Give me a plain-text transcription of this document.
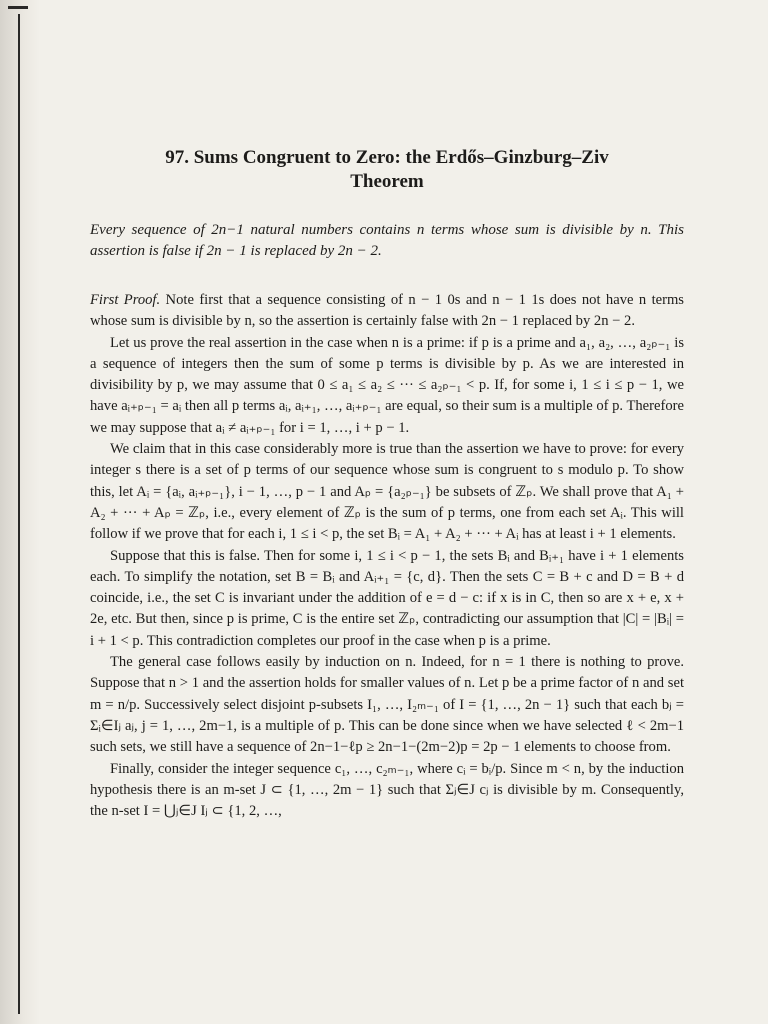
97. Sums Congruent to Zero: the Erdős–Ginzburg–Ziv
Theorem
Every sequence of 2n−1 natural numbers contains n terms whose sum is divisible by n. This assertion is false if 2n − 1 is replaced by 2n − 2.

First Proof. Note first that a sequence consisting of n − 1 0s and n − 1 1s does not have n terms whose sum is divisible by n, so the assertion is certainly false with 2n − 1 replaced by 2n − 2.

Let us prove the real assertion in the case when n is a prime: if p is a prime and a₁, a₂, …, a₂ₚ₋₁ is a sequence of integers then the sum of some p terms is divisible by p. As we are interested in divisibility by p, we may assume that 0 ≤ a₁ ≤ a₂ ≤ ··· ≤ a₂ₚ₋₁ < p. If, for some i, 1 ≤ i ≤ p − 1, we have aᵢ₊ₚ₋₁ = aᵢ then all p terms aᵢ, aᵢ₊₁, …, aᵢ₊ₚ₋₁ are equal, so their sum is a multiple of p. Therefore we may suppose that aᵢ ≠ aᵢ₊ₚ₋₁ for i = 1, …, i + p − 1.

We claim that in this case considerably more is true than the assertion we have to prove: for every integer s there is a set of p terms of our sequence whose sum is congruent to s modulo p. To show this, let Aᵢ = {aᵢ, aᵢ₊ₚ₋₁}, i − 1, …, p − 1 and Aₚ = {a₂ₚ₋₁} be subsets of ℤₚ. We shall prove that A₁ + A₂ + ··· + Aₚ = ℤₚ, i.e., every element of ℤₚ is the sum of p terms, one from each set Aᵢ. This will follow if we prove that for each i, 1 ≤ i < p, the set Bᵢ = A₁ + A₂ + ··· + Aᵢ has at least i + 1 elements.

Suppose that this is false. Then for some i, 1 ≤ i < p − 1, the sets Bᵢ and Bᵢ₊₁ have i + 1 elements each. To simplify the notation, set B = Bᵢ and Aᵢ₊₁ = {c, d}. Then the sets C = B + c and D = B + d coincide, i.e., the set C is invariant under the addition of e = d − c: if x is in C, then so are x + e, x + 2e, etc. But then, since p is prime, C is the entire set ℤₚ, contradicting our assumption that |C| = |Bᵢ| = i + 1 < p. This contradiction completes our proof in the case when p is a prime.

The general case follows easily by induction on n. Indeed, for n = 1 there is nothing to prove. Suppose that n > 1 and the assertion holds for smaller values of n. Let p be a prime factor of n and set m = n/p. Successively select disjoint p-subsets I₁, …, I₂ₘ₋₁ of I = {1, …, 2n − 1} such that each bⱼ = Σᵢ∈Iⱼ aⱼ, j = 1, …, 2m−1, is a multiple of p. This can be done since when we have selected ℓ < 2m−1 such sets, we still have a sequence of 2n−1−ℓp ≥ 2n−1−(2m−2)p = 2p − 1 elements to choose from.

Finally, consider the integer sequence c₁, …, c₂ₘ₋₁, where cᵢ = bᵢ/p. Since m < n, by the induction hypothesis there is an m-set J ⊂ {1, …, 2m − 1} such that Σⱼ∈J cⱼ is divisible by m. Consequently, the n-set I = ⋃ⱼ∈J Iⱼ ⊂ {1, 2, …,
